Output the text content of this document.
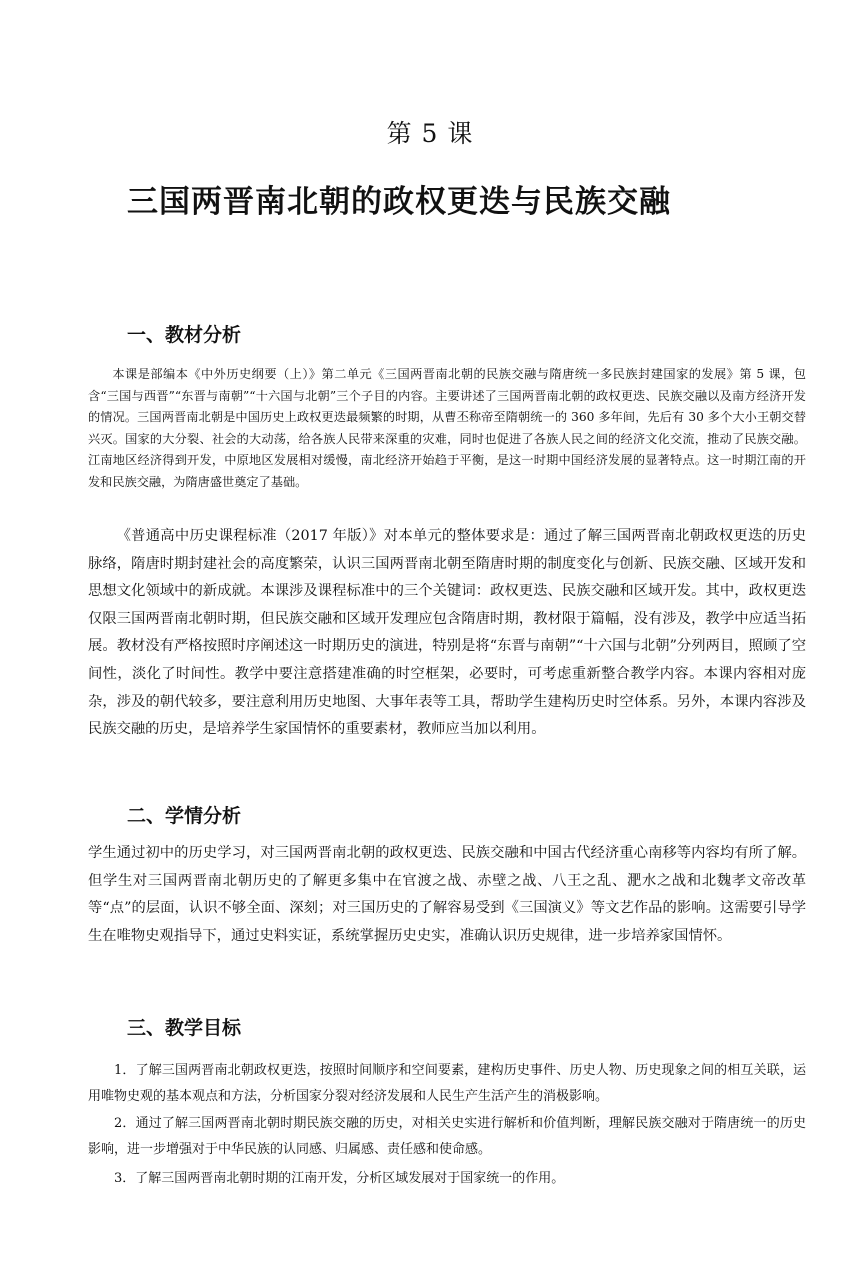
第 5 课
三国两晋南北朝的政权更迭与民族交融
一、教材分析

本课是部编本《中外历史纲要（上）》第二单元《三国两晋南北朝的民族交融与隋唐统一多民族封建国家的发展》第 5 课，包含“三国与西晋”“东晋与南朝”“十六国与北朝”三个子目的内容。主要讲述了三国两晋南北朝的政权更迭、民族交融以及南方经济开发的情况。三国两晋南北朝是中国历史上政权更迭最频繁的时期，从曹丕称帝至隋朝统一的 360 多年间，先后有 30 多个大小王朝交替兴灭。国家的大分裂、社会的大动荡，给各族人民带来深重的灾难，同时也促进了各族人民之间的经济文化交流，推动了民族交融。江南地区经济得到开发，中原地区发展相对缓慢，南北经济开始趋于平衡，是这一时期中国经济发展的显著特点。这一时期江南的开发和民族交融，为隋唐盛世奠定了基础。

《普通高中历史课程标准（2017 年版）》对本单元的整体要求是：通过了解三国两晋南北朝政权更迭的历史脉络，隋唐时期封建社会的高度繁荣，认识三国两晋南北朝至隋唐时期的制度变化与创新、民族交融、区域开发和思想文化领域中的新成就。本课涉及课程标准中的三个关键词：政权更迭、民族交融和区域开发。其中，政权更迭仅限三国两晋南北朝时期，但民族交融和区域开发理应包含隋唐时期，教材限于篇幅，没有涉及，教学中应适当拓展。教材没有严格按照时序阐述这一时期历史的演进，特别是将“东晋与南朝”“十六国与北朝”分列两目，照顾了空间性，淡化了时间性。教学中要注意搭建准确的时空框架，必要时，可考虑重新整合教学内容。本课内容相对庞杂，涉及的朝代较多，要注意利用历史地图、大事年表等工具，帮助学生建构历史时空体系。另外，本课内容涉及民族交融的历史，是培养学生家国情怀的重要素材，教师应当加以利用。

二、学情分析

学生通过初中的历史学习，对三国两晋南北朝的政权更迭、民族交融和中国古代经济重心南移等内容均有所了解。但学生对三国两晋南北朝历史的了解更多集中在官渡之战、赤壁之战、八王之乱、淝水之战和北魏孝文帝改革等“点”的层面，认识不够全面、深刻；对三国历史的了解容易受到《三国演义》等文艺作品的影响。这需要引导学生在唯物史观指导下，通过史料实证，系统掌握历史史实，准确认识历史规律，进一步培养家国情怀。

三、教学目标

1．了解三国两晋南北朝政权更迭，按照时间顺序和空间要素，建构历史事件、历史人物、历史现象之间的相互关联，运用唯物史观的基本观点和方法，分析国家分裂对经济发展和人民生产生活产生的消极影响。

2．通过了解三国两晋南北朝时期民族交融的历史，对相关史实进行解析和价值判断，理解民族交融对于隋唐统一的历史影响，进一步增强对于中华民族的认同感、归属感、责任感和使命感。

3．了解三国两晋南北朝时期的江南开发，分析区域发展对于国家统一的作用。
